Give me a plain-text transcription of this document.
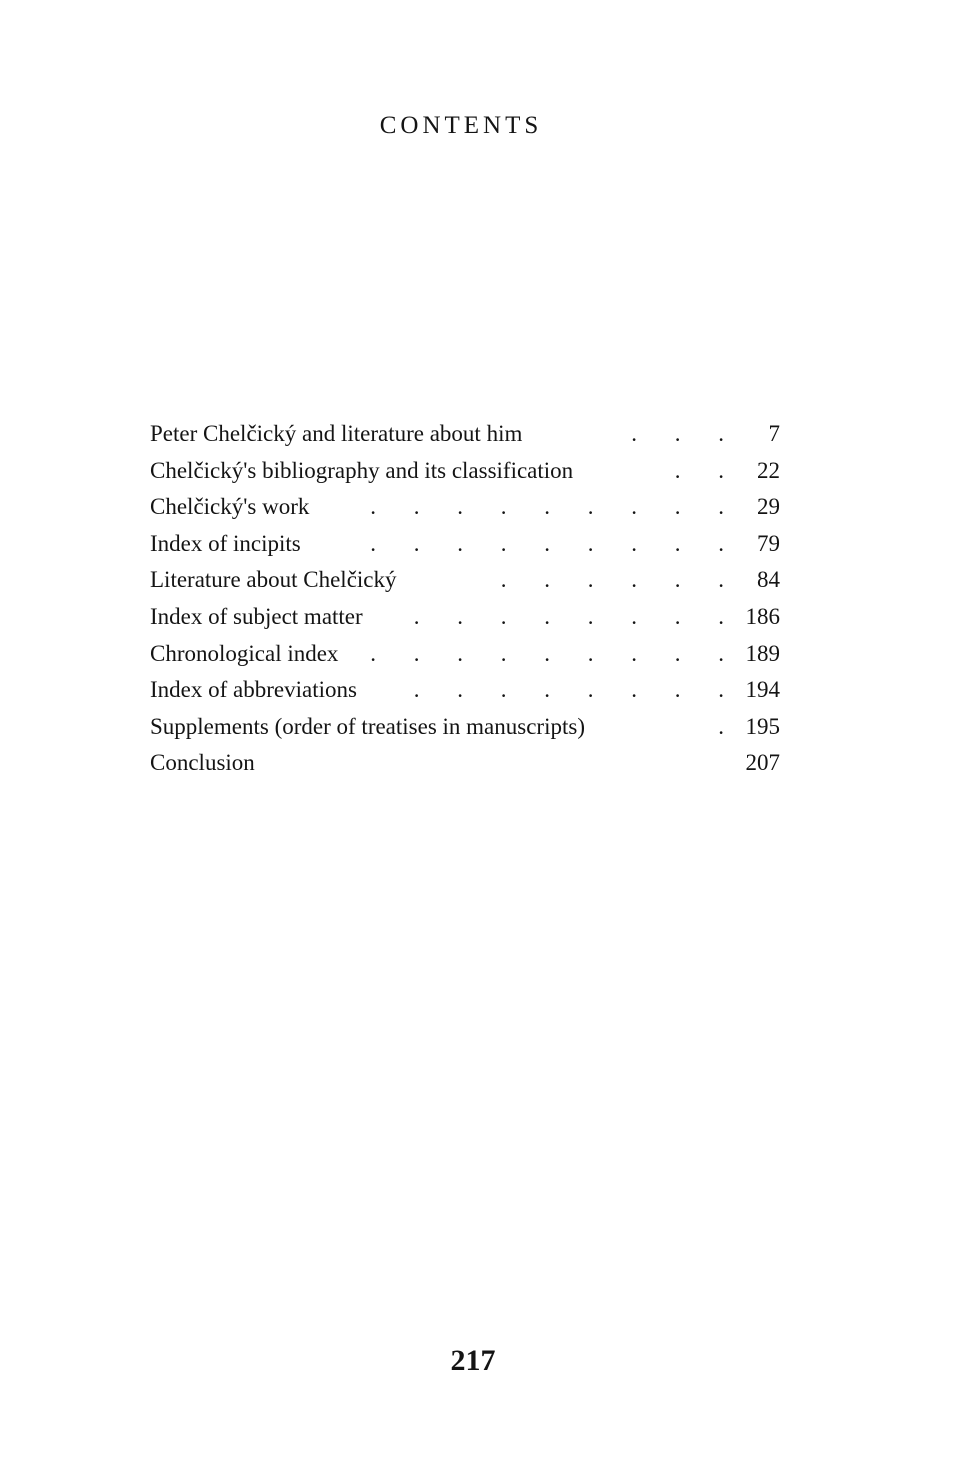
CONTENTS
Peter Chelčický and literature about him	. . .	7
Chelčický's bibliography and its classification	. . 22
Chelčický's work	. . . . . . . . . 29
Index of incipits	. . . . . . . . . 79
Literature about Chelčický	. . . . . . 84
Index of subject matter	. . . . . . . . 186
Chronological index	. . . . . . . . . 189
Index of abbreviations	. . . . . . . . 194
Supplements (order of treatises in manuscripts)	. 195
Conclusion	207
217
